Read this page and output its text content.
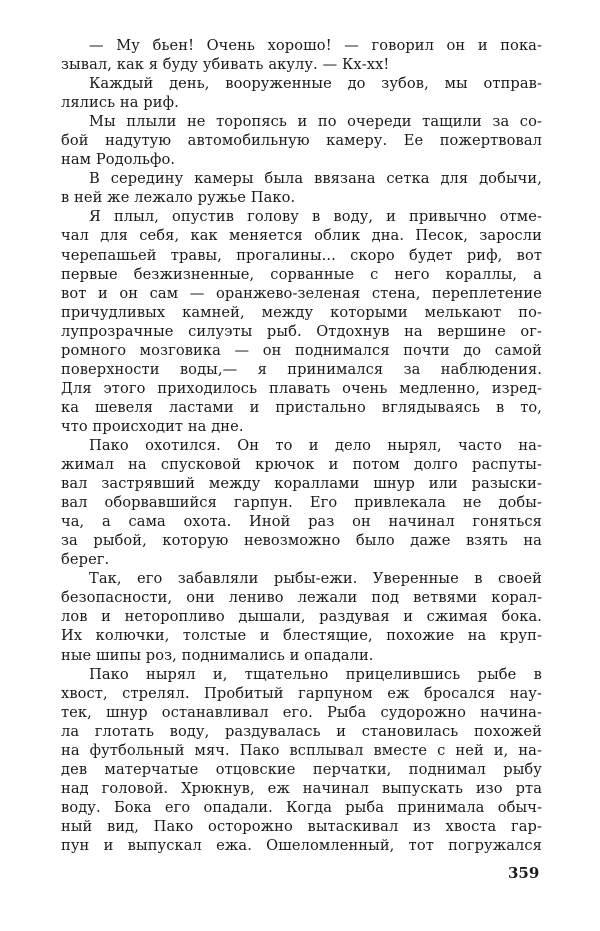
— Му бьен! Очень хорошо! — говорил он и пока-
зывал, как я буду убивать акулу. — Кх-хх!
Каждый день, вооруженные до зубов, мы отправ-
лялись на риф.
Мы плыли не торопясь и по очереди тащили за со-
бой надутую автомобильную камеру. Ее пожертвовал
нам Родольфо.
В середину камеры была ввязана сетка для добычи,
в ней же лежало ружье Пако.
Я плыл, опустив голову в воду, и привычно отме-
чал для себя, как меняется облик дна. Песок, заросли
черепашьей травы, прогалины... скоро будет риф, вот
первые безжизненные, сорванные с него кораллы, а
вот и он сам — оранжево-зеленая стена, переплетение
причудливых камней, между которыми мелькают по-
лупрозрачные силуэты рыб. Отдохнув на вершине ог-
ромного мозговика — он поднимался почти до самой
поверхности воды,— я принимался за наблюдения.
Для этого приходилось плавать очень медленно, изред-
ка шевеля ластами и пристально вглядываясь в то,
что происходит на дне.
Пако охотился. Он то и дело нырял, часто на-
жимал на спусковой крючок и потом долго распуты-
вал застрявший между кораллами шнур или разыски-
вал оборвавшийся гарпун. Его привлекала не добы-
ча, а сама охота. Иной раз он начинал гоняться
за рыбой, которую невозможно было даже взять на
берег.
Так, его забавляли рыбы-ежи. Уверенные в своей
безопасности, они лениво лежали под ветвями корал-
лов и неторопливо дышали, раздувая и сжимая бока.
Их колючки, толстые и блестящие, похожие на круп-
ные шипы роз, поднимались и опадали.
Пако нырял и, тщательно прицелившись рыбе в
хвост, стрелял. Пробитый гарпуном еж бросался нау-
тек, шнур останавливал его. Рыба судорожно начина-
ла глотать воду, раздувалась и становилась похожей
на футбольный мяч. Пако всплывал вместе с ней и, на-
дев матерчатые отцовские перчатки, поднимал рыбу
над головой. Хрюкнув, еж начинал выпускать изо рта
воду. Бока его опадали. Когда рыба принимала обыч-
ный вид, Пако осторожно вытаскивал из хвоста гар-
пун и выпускал ежа. Ошеломленный, тот погружался
359
